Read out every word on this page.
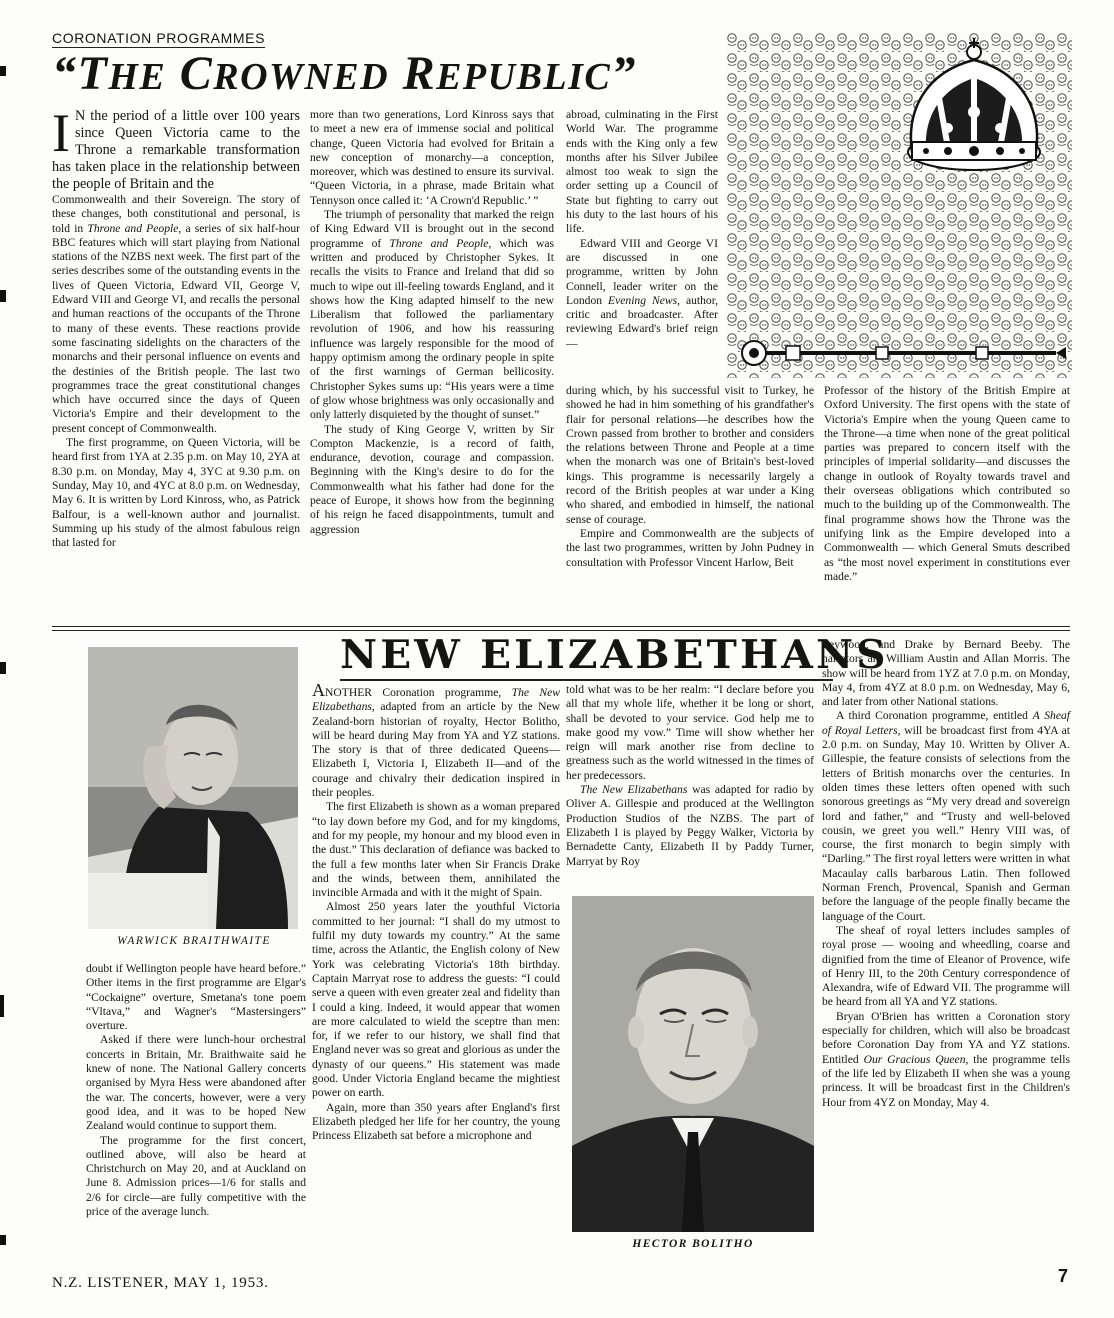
CORONATION PROGRAMMES
“THE CROWNED REPUBLIC”

I N the period of a little over 100 years since Queen Victoria came to the Throne a remarkable transformation has taken place in the relationship between the people of Britain and the

Commonwealth and their Sovereign. The story of these changes, both constitutional and personal, is told in Throne and People, a series of six half-hour BBC features which will start playing from National stations of the NZBS next week. The first part of the series describes some of the outstanding events in the lives of Queen Victoria, Edward VII, George V, Edward VIII and George VI, and recalls the personal and human reactions of the occupants of the Throne to many of these events. These reactions provide some fascinating sidelights on the characters of the monarchs and their personal influence on events and the destinies of the British people. The last two programmes trace the great constitutional changes which have occurred since the days of Queen Victoria's Empire and their development to the present concept of Commonwealth.

The first programme, on Queen Victoria, will be heard first from 1YA at 2.35 p.m. on May 10, 2YA at 8.30 p.m. on Monday, May 4, 3YC at 9.30 p.m. on Sunday, May 10, and 4YC at 8.0 p.m. on Wednesday, May 6. It is written by Lord Kinross, who, as Patrick Balfour, is a well-known author and journalist. Summing up his study of the almost fabulous reign that lasted for

more than two generations, Lord Kinross says that to meet a new era of immense social and political change, Queen Victoria had evolved for Britain a new conception of monarchy—a conception, moreover, which was destined to ensure its survival. “Queen Victoria, in a phrase, made Britain what Tennyson once called it: ‘A Crown'd Republic.’ ”

The triumph of personality that marked the reign of King Edward VII is brought out in the second programme of Throne and People, which was written and produced by Christopher Sykes. It recalls the visits to France and Ireland that did so much to wipe out ill-feeling towards England, and it shows how the King adapted himself to the new Liberalism that followed the parliamentary revolution of 1906, and how his reassuring influence was largely responsible for the mood of happy optimism among the ordinary people in spite of the first warnings of German bellicosity. Christopher Sykes sums up: “His years were a time of glow whose brightness was only occasionally and only latterly disquieted by the thought of sunset.”

The study of King George V, written by Sir Compton Mackenzie, is a record of faith, endurance, devotion, courage and compassion. Beginning with the King's desire to do for the Commonwealth what his father had done for the peace of Europe, it shows how from the beginning of his reign he faced disappointments, tumult and aggression

abroad, culminating in the First World War. The programme ends with the King only a few months after his Silver Jubilee almost too weak to sign the order setting up a Council of State but fighting to carry out his duty to the last hours of his life.

Edward VIII and George VI are discussed in one programme, written by John Connell, leader writer on the London Evening News, author, critic and broadcaster. After reviewing Edward's brief reign—

during which, by his successful visit to Turkey, he showed he had in him something of his grandfather's flair for personal relations—he describes how the Crown passed from brother to brother and considers the relations between Throne and People at a time when the monarch was one of Britain's best-loved kings. This programme is necessarily largely a record of the British peoples at war under a King who shared, and embodied in himself, the national sense of courage.

Empire and Commonwealth are the subjects of the last two programmes, written by John Pudney in consultation with Professor Vincent Harlow, Beit

Professor of the history of the British Empire at Oxford University. The first opens with the state of Victoria's Empire when the young Queen came to the Throne—a time when none of the great political parties was prepared to concern itself with the principles of imperial solidarity—and discusses the change in outlook of Royalty towards travel and their overseas obligations which contributed so much to the building up of the Commonwealth. The final programme shows how the Throne was the unifying link as the Empire developed into a Commonwealth — which General Smuts described as “the most novel experiment in constitutions ever made.”

WARWICK BRAITHWAITE
NEW ELIZABETHANS

doubt if Wellington people have heard before.” Other items in the first programme are Elgar's “Cockaigne” overture, Smetana's tone poem “Vltava,” and Wagner's “Mastersingers” overture.

Asked if there were lunch-hour orchestral concerts in Britain, Mr. Braithwaite said he knew of none. The National Gallery concerts organised by Myra Hess were abandoned after the war. The concerts, however, were a very good idea, and it was to be hoped New Zealand would continue to support them.

The programme for the first concert, outlined above, will also be heard at Christchurch on May 20, and at Auckland on June 8. Admission prices—1/6 for stalls and 2/6 for circle—are fully competitive with the price of the average lunch.

ANOTHER Coronation programme, The New Elizabethans, adapted from an article by the New Zealand-born historian of royalty, Hector Bolitho, will be heard during May from YA and YZ stations. The story is that of three dedicated Queens—Elizabeth I, Victoria I, Elizabeth II—and of the courage and chivalry their dedication inspired in their peoples.

The first Elizabeth is shown as a woman prepared “to lay down before my God, and for my kingdoms, and for my people, my honour and my blood even in the dust.” This declaration of defiance was backed to the full a few months later when Sir Francis Drake and the winds, between them, annihilated the invincible Armada and with it the might of Spain.

Almost 250 years later the youthful Victoria committed to her journal: “I shall do my utmost to fulfil my duty towards my country.” At the same time, across the Atlantic, the English colony of New York was celebrating Victoria's 18th birthday. Captain Marryat rose to address the guests: “I could serve a queen with even greater zeal and fidelity than I could a king. Indeed, it would appear that women are more calculated to wield the sceptre than men: for, if we refer to our history, we shall find that England never was so great and glorious as under the dynasty of our queens.” His statement was made good. Under Victoria England became the mightiest power on earth.

Again, more than 350 years after England's first Elizabeth pledged her life for her country, the young Princess Elizabeth sat before a microphone and

told what was to be her realm: “I declare before you all that my whole life, whether it be long or short, shall be devoted to your service. God help me to make good my vow.” Time will show whether her reign will mark another rise from decline to greatness such as the world witnessed in the times of her predecessors.

The New Elizabethans was adapted for radio by Oliver A. Gillespie and produced at the Wellington Production Studios of the NZBS. The part of Elizabeth I is played by Peggy Walker, Victoria by Bernadette Canty, Elizabeth II by Paddy Turner, Marryat by Roy

HECTOR BOLITHO

Leywood, and Drake by Bernard Beeby. The narrators are William Austin and Allan Morris. The show will be heard from 1YZ at 7.0 p.m. on Monday, May 4, from 4YZ at 8.0 p.m. on Wednesday, May 6, and later from other National stations.

A third Coronation programme, entitled A Sheaf of Royal Letters, will be broadcast first from 4YA at 2.0 p.m. on Sunday, May 10. Written by Oliver A. Gillespie, the feature consists of selections from the letters of British monarchs over the centuries. In olden times these letters often opened with such sonorous greetings as “My very dread and sovereign lord and father,” and “Trusty and well-beloved cousin, we greet you well.” Henry VIII was, of course, the first monarch to begin simply with “Darling.” The first royal letters were written in what Macaulay calls barbarous Latin. Then followed Norman French, Provencal, Spanish and German before the language of the people finally became the language of the Court.

The sheaf of royal letters includes samples of royal prose — wooing and wheedling, coarse and dignified from the time of Eleanor of Provence, wife of Henry III, to the 20th Century correspondence of Alexandra, wife of Edward VII. The programme will be heard from all YA and YZ stations.

Bryan O'Brien has written a Coronation story especially for children, which will also be broadcast before Coronation Day from YA and YZ stations. Entitled Our Gracious Queen, the programme tells of the life led by Elizabeth II when she was a young princess. It will be broadcast first in the Children's Hour from 4YZ on Monday, May 4.

N.Z. LISTENER, MAY 1, 1953.	7
